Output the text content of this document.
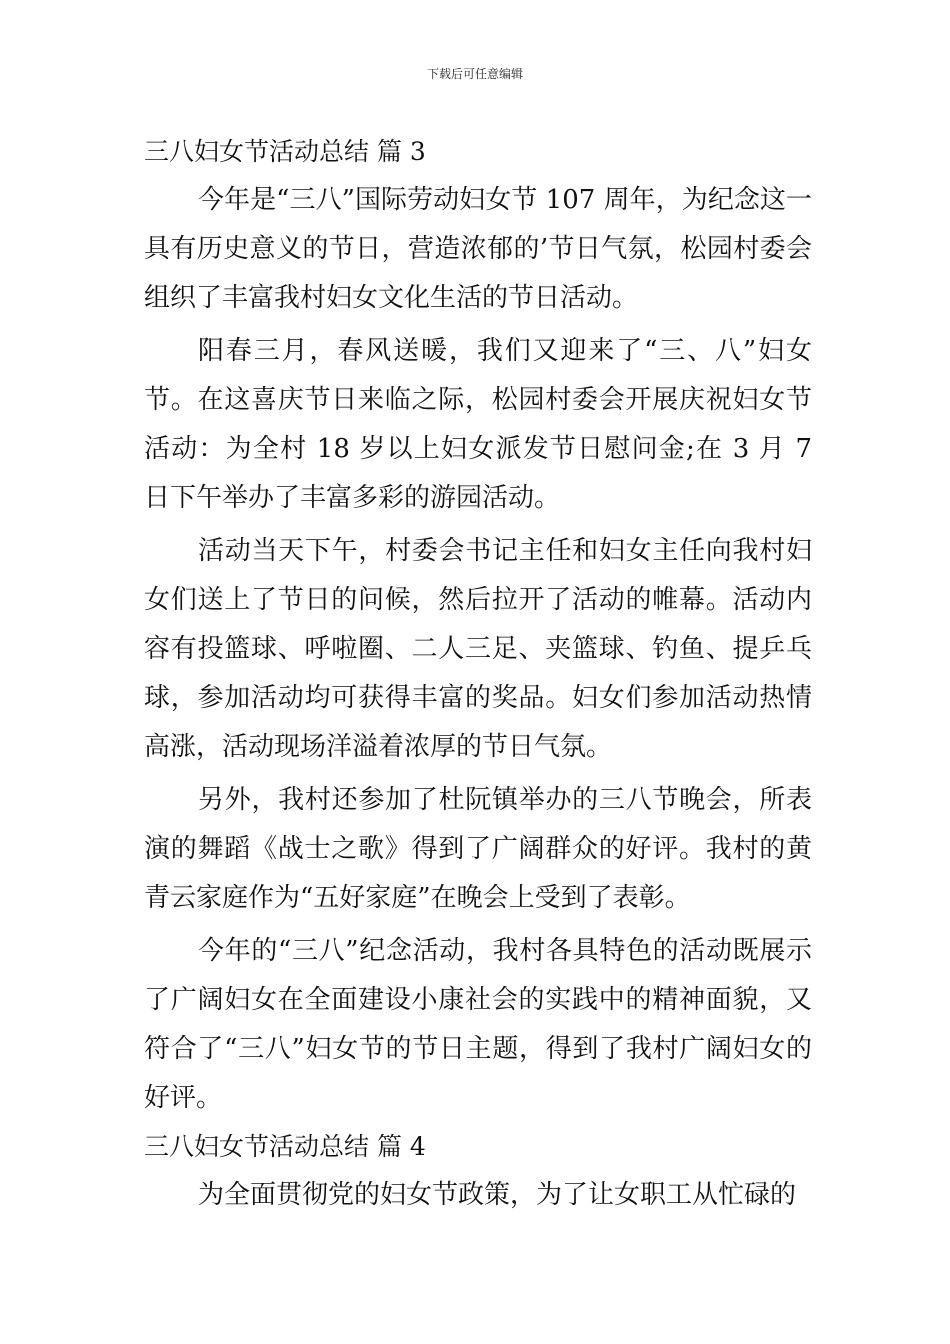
下载后可任意编辑
三八妇女节活动总结 篇 3

今年是“三八”国际劳动妇女节 107 周年，为纪念这一具有历史意义的节日，营造浓郁的’节日气氛，松园村委会组织了丰富我村妇女文化生活的节日活动。

阳春三月，春风送暖，我们又迎来了“三、八”妇女节。在这喜庆节日来临之际，松园村委会开展庆祝妇女节活动：为全村 18 岁以上妇女派发节日慰问金;在 3 月 7 日下午举办了丰富多彩的游园活动。

活动当天下午，村委会书记主任和妇女主任向我村妇女们送上了节日的问候，然后拉开了活动的帷幕。活动内容有投篮球、呼啦圈、二人三足、夹篮球、钓鱼、提乒乓球，参加活动均可获得丰富的奖品。妇女们参加活动热情高涨，活动现场洋溢着浓厚的节日气氛。

另外，我村还参加了杜阮镇举办的三八节晚会，所表演的舞蹈《战士之歌》得到了广阔群众的好评。我村的黄青云家庭作为“五好家庭”在晚会上受到了表彰。

今年的“三八”纪念活动，我村各具特色的活动既展示了广阔妇女在全面建设小康社会的实践中的精神面貌，又符合了“三八”妇女节的节日主题，得到了我村广阔妇女的好评。

三八妇女节活动总结 篇 4

为全面贯彻党的妇女节政策，为了让女职工从忙碌的
